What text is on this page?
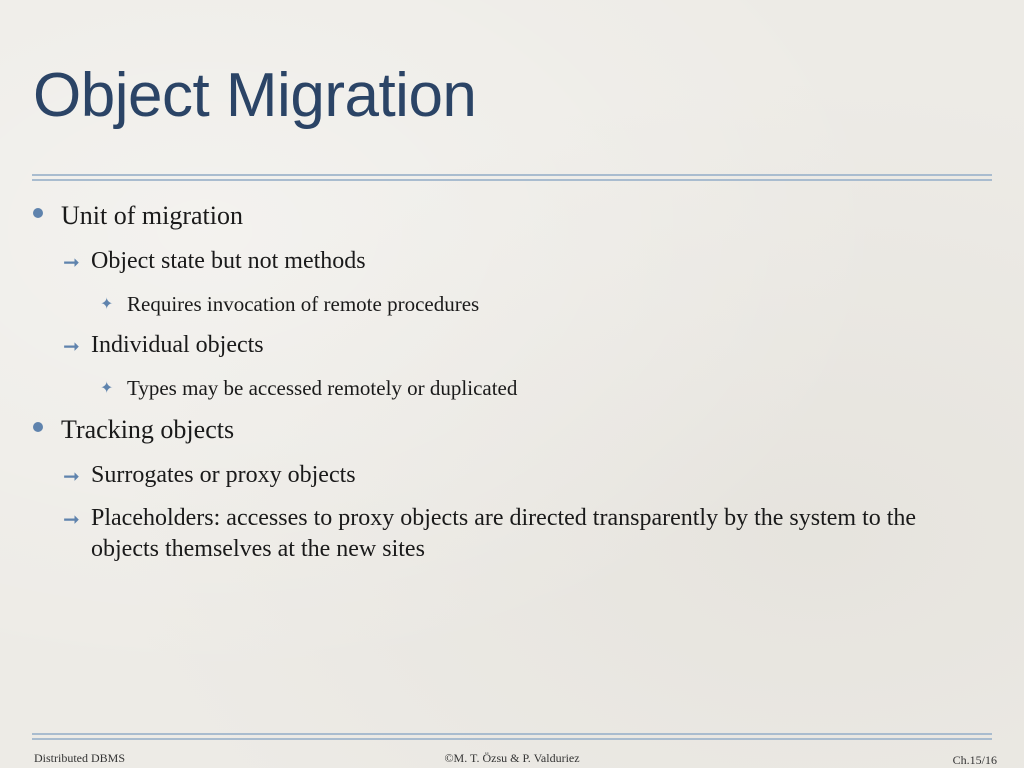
Object Migration
Unit of migration
➞ Object state but not methods
✦ Requires invocation of remote procedures
➞ Individual objects
✦ Types may be accessed remotely or duplicated
Tracking objects
➞ Surrogates or proxy objects
➞ Placeholders: accesses to proxy objects are directed transparently by the system to the objects themselves at the new sites
Distributed DBMS	©M. T. Özsu & P. Valduriez	Ch.15/16
